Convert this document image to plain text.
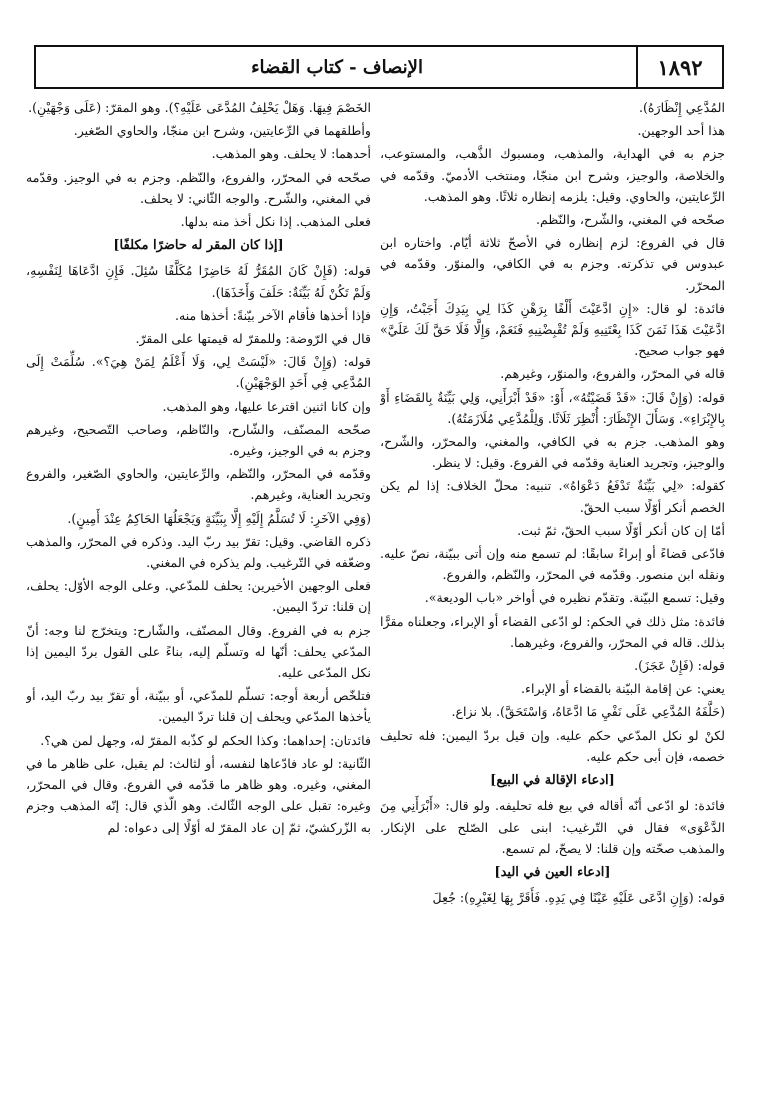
١٨٩٢
الإنصاف - كتاب القضاء

المُدَّعِي إِنْظَارَهُ).

هذا أحد الوجهين.

جزم به في الهداية، والمذهب، ومسبوك الذَّهب، والمستوعب، والخلاصة، والوجيز، وشرح ابن منجّا، ومنتخب الأدميّ. وقدّمه في الرِّعايتين، والحاوي. وقيل: يلزمه إنظاره ثلاثًا. وهو المذهب.

صحّحه في المغني، والشّرح، والنّظم.

قال في الفروع: لزم إنظاره في الأصحّ ثلاثة أيّام. واختاره ابن عبدوس في تذكرته. وجزم به في الكافي، والمنوّر. وقدّمه في المحرّر.

فائدة: لو قال: «إِنِ ادَّعَيْتَ أَلْفًا بِرَهْنِ كَذَا لِي بِيَدِكَ أَجَبْتُ، وَإِنِ ادَّعَيْتَ هَذَا ثَمَنَ كَذَا بِعْتَنِيهِ وَلَمْ تُقْبِضْنِيهِ فَنَعَمْ، وَإِلَّا فَلَا حَقَّ لَكَ عَلَيَّ» فهو جواب صحيح.

قاله في المحرّر، والفروع، والمنوّر، وغيرهم.

قوله: (وَإِنْ قَالَ: «قَدْ قَضَيْتُهُ»، أَوْ: «قَدْ أَبْرَأَنِي، وَلِي بَيِّنَةٌ بِالقَضَاءِ أَوْ بِالإِبْرَاءِ». وَسَأَلَ الإِنْظَارَ: أُنْظِرَ ثَلَاثًا. وَلِلْمُدَّعِي مُلَازَمَتُهُ).

وهو المذهب. جزم به في الكافي، والمغني، والمحرّر، والشّرح، والوجيز، وتجريد العناية وقدّمه في الفروع. وقيل: لا ينظر.

كقوله: «لِي بَيِّنَةٌ تَدْفَعُ دَعْوَاهُ». تنبيه: محلّ الخلاف: إذا لم يكن الخصم أنكر أوّلًا سبب الحقّ.

أمّا إن كان أنكر أوّلًا سبب الحقّ، ثمّ ثبت.

فادّعى قضاءً أو إبراءً سابقًا: لم تسمع منه وإن أتى ببيّنة، نصّ عليه. ونقله ابن منصور. وقدّمه في المحرّر، والنّظم، والفروع.

وقيل: تسمع البيّنة. وتقدّم نظيره في أواخر «باب الوديعة».

فائدة: مثل ذلك في الحكم: لو ادّعى القضاء أو الإبراء، وجعلناه مقرًّا بذلك. قاله في المحرّر، والفروع، وغيرهما.

قوله: (فَإِنْ عَجَزَ).

يعني: عن إقامة البيّنة بالقضاء أو الإبراء.

(حَلَّفَهُ المُدَّعِي عَلَى نَفْيِ مَا ادَّعَاهُ، وَاسْتَحَقَّ). بلا نزاع.

لكنْ لو نكل المدّعي حكم عليه. وإن قيل بردّ اليمين: فله تحليف خصمه، فإن أبى حكم عليه.

[ادعاء الإقالة في البيع]

فائدة: لو ادّعى أنّه أقاله في بيع فله تحليفه. ولو قال: «أَبْرَأَنِي مِنَ الدَّعْوَى» فقال في التّرغيب: ابنى على الصّلح على الإنكار. والمذهب صحّته وإن قلنا: لا يصحّ، لم تسمع.

[ادعاء العين في اليد]

قوله: (وَإِنِ ادَّعَى عَلَيْهِ عَيْنًا فِي يَدِهِ. فَأَقَرَّ بِهَا لِغَيْرِهِ): جُعِلَ

الخَصْمَ فِيهَا. وَهَلْ يَحْلِفُ المُدَّعَى عَلَيْهِ؟). وهو المقرّ: (عَلَى وَجْهَيْنِ).

وأطلقهما في الرِّعايتين، وشرح ابن منجّا، والحاوي الصّغير.

أحدهما: لا يحلف. وهو المذهب.

صحّحه في المحرّر، والفروع، والنّظم. وجزم به في الوجيز. وقدّمه في المغني، والشّرح. والوجه الثّاني: لا يحلف.

فعلى المذهب. إذا نكل أخذ منه بدلها.

[إذا كان المقر له حاضرًا مكلفًا]

قوله: (فَإِنْ كَانَ المُقَرُّ لَهُ حَاضِرًا مُكَلَّفًا سُئِلَ. فَإِنِ ادَّعَاهَا لِنَفْسِهِ، وَلَمْ تَكُنْ لَهُ بَيِّنَةٌ: حَلَفَ وَأَخَذَهَا).

فإذا أخذها فأقام الآخر بيّنةً: أخذها منه.

قال في الرّوضة: وللمقرّ له قيمتها على المقرّ.

قوله: (وَإِنْ قَالَ: «لَيْسَتْ لِي، وَلَا أَعْلَمُ لِمَنْ هِيَ؟». سُلِّمَتْ إِلَى المُدَّعِي فِي أَحَدِ الوَجْهَيْنِ).

وإن كانا اثنين اقترعا عليها، وهو المذهب.

صحّحه المصنّف، والشّارح، والنّاظم، وصاحب التّصحيح، وغيرهم وجزم به في الوجيز، وغيره.

وقدّمه في المحرّر، والنّظم، والرِّعايتين، والحاوي الصّغير، والفروع وتجريد العناية، وغيرهم.

(وَفِي الآخَرِ: لَا تُسَلَّمُ إِلَيْهِ إِلَّا بِبَيِّنَةٍ وَيَجْعَلُهَا الحَاكِمُ عِنْدَ أَمِينٍ).

ذكره القاضي. وقيل: تقرّ بيد ربّ اليد. وذكره في المحرّر، والمذهب وضعّفه في التّرغيب. ولم يذكره في المغني.

فعلى الوجهين الأخيرين: يحلف للمدّعي. وعلى الوجه الأوّل: يحلف، إن قلنا: تردّ اليمين.

جزم به في الفروع. وقال المصنّف، والشّارح: ويتخرّج لنا وجه: أنّ المدّعي يحلف: أنّها له وتسلّم إليه، بناءً على القول بردّ اليمين إذا نكل المدّعى عليه.

فتلخّص أربعة أوجه: تسلّم للمدّعي، أو ببيّنة، أو تقرّ بيد ربّ اليد، أو يأخذها المدّعي ويحلف إن قلنا تردّ اليمين.

فائدتان: إحداهما: وكذا الحكم لو كذّبه المقرّ له، وجهل لمن هي؟.

الثّانية: لو عاد فادّعاها لنفسه، أو لثالث: لم يقبل، على ظاهر ما في المغني، وغيره. وهو ظاهر ما قدّمه في الفروع. وقال في المحرّر، وغيره: تقبل على الوجه الثّالث. وهو الّذي قال: إنّه المذهب وجزم به الزّركشيّ، ثمّ إن عاد المقرّ له أوّلًا إلى دعواه: لم
